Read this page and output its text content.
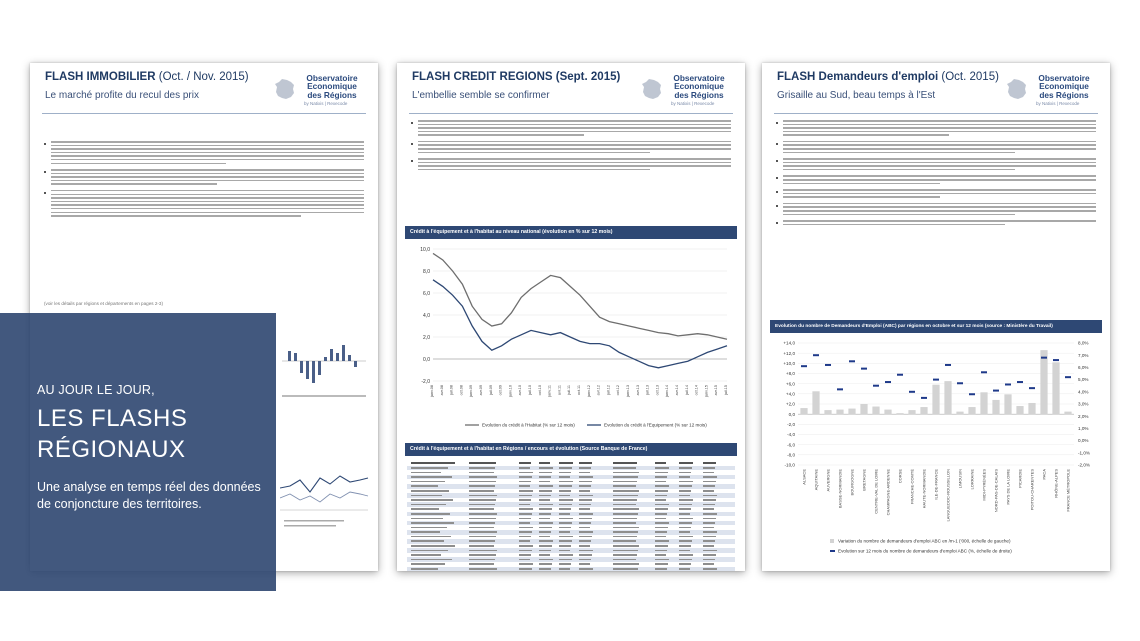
FLASH IMMOBILIER (Oct. / Nov. 2015)
Le marché profite du recul des prix
Observatoire
Economique
des Régions
by Natixis | Rexecode
(voir les détails par régions et départements en pages 2-3)
FLASH CREDIT REGIONS (Sept. 2015)
L'embellie semble se confirmer
Observatoire
Economique
des Régions
by Natixis | Rexecode
Crédit à l'équipement et à l'habitat au niveau national (évolution en % sur 12 mois)
10,0
8,0
6,0
4,0
2,0
0,0
-2,0
janv.08 avr.08 juil.08 oct.08 janv.09 avr.09 juil.09 oct.09 janv.10 avr.10 juil.10 oct.10 janv.11 avr.11 juil.11 oct.11 janv.12 avr.12 juil.12 oct.12 janv.13 avr.13 juil.13 oct.13 janv.14 avr.14 juil.14 oct.14 janv.15 avr.15 juil.15
Evolution du crédit à l'Habitat (% sur 12 mois)	Evolution du crédit à l'Equipement (% sur 12 mois)
Crédit à l'équipement et à l'habitat en Régions / encours et évolution (Source Banque de France)
FLASH Demandeurs d'emploi (Oct. 2015)
Grisaille au Sud, beau temps à l'Est
Observatoire
Economique
des Régions
by Natixis | Rexecode
Evolution du nombre de Demandeurs d'Emploi (ABC) par régions en octobre et sur 12 mois (source : Ministère du Travail)
+14,0
+12,0
+10,0
+8,0
+6,0
+4,0
+2,0
0,0
-2,0
-4,0
-6,0
-8,0
-10,0
8,0%
7,0%
6,0%
5,0%
4,0%
3,0%
2,0%
1,0%
0,0%
-1,0%
-2,0%
ALSACE AQUITAINE AUVERGNE BASSE-NORMANDIE BOURGOGNE BRETAGNE CENTRE-VAL DE LOIRE CHAMPAGNE-ARDENNE CORSE FRANCHE-COMTÉ HAUTE-NORMANDIE ILE-DE-FRANCE LANGUEDOC-ROUSSILLON LIMOUSIN LORRAINE MIDI-PYRÉNÉES NORD-PAS-DE-CALAIS PAYS DE LA LOIRE PICARDIE POITOU-CHARENTES PACA RHÔNE-ALPES FRANCE MÉTROPOLE
Variation du nombre de demandeurs d'emploi ABC en /m-1 ('000, échelle de gauche)
Evolution sur 12 mois du nombre de demandeurs d'emploi ABC (%, échelle de droite)
AU JOUR LE JOUR,
LES FLASHS
RÉGIONAUX
Une analyse en temps réel des données de conjoncture des territoires.
